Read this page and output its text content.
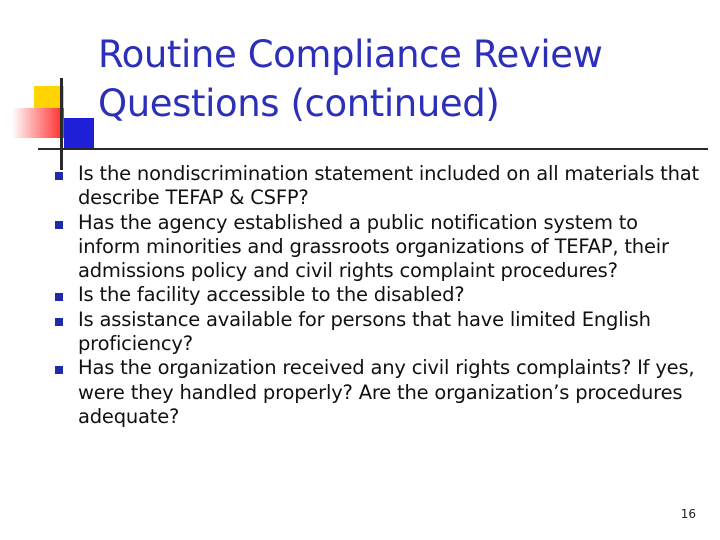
Routine Compliance Review
Questions (continued)
Is the nondiscrimination statement included on all materials that describe TEFAP & CSFP?
Has the agency established a public notification system to inform minorities and grassroots organizations of TEFAP, their admissions policy and civil rights complaint procedures?
Is the facility accessible to the disabled?
Is assistance available for persons that have limited English proficiency?
Has the organization received any civil rights complaints? If yes, were they handled properly? Are the organization’s procedures adequate?
16
